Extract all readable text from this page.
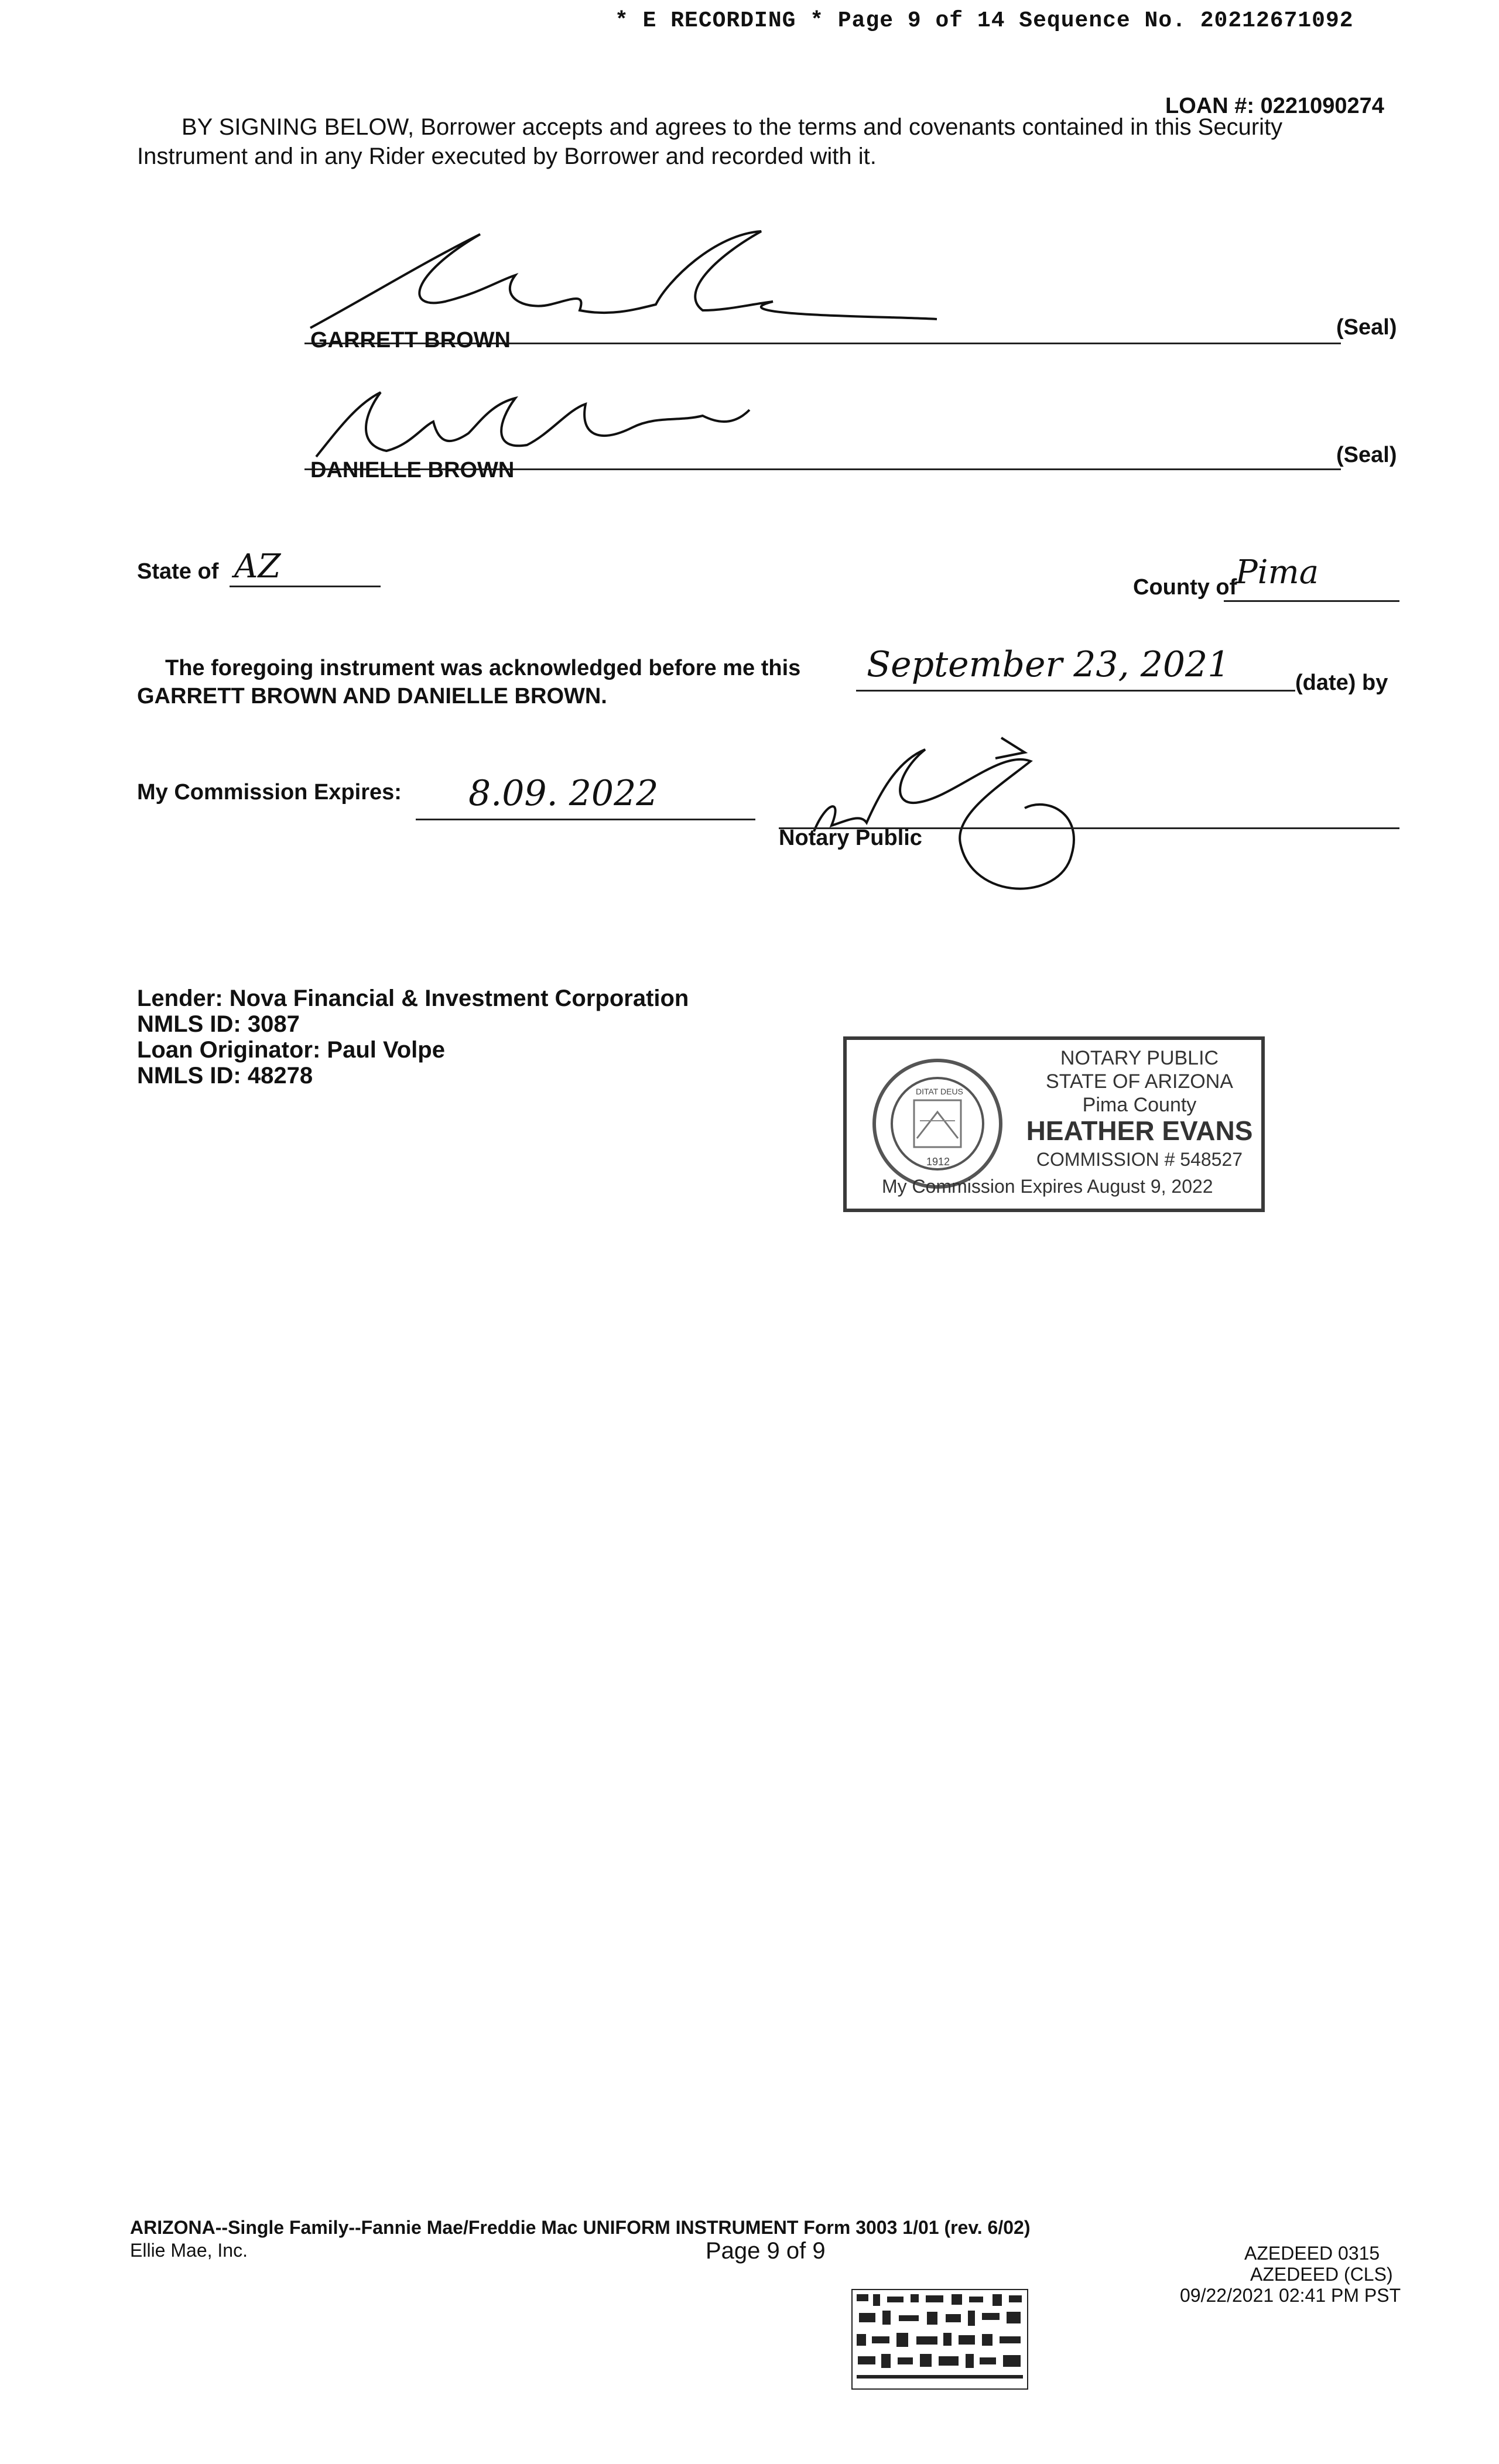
* E RECORDING * Page 9 of 14 Sequence No. 20212671092
LOAN #: 0221090274
BY SIGNING BELOW, Borrower accepts and agrees to the terms and covenants contained in this Security
Instrument and in any Rider executed by Borrower and recorded with it.
GARRETT BROWN
(Seal)
DANIELLE BROWN
(Seal)
State of AZ
County of
Pima
The foregoing instrument was acknowledged before me this September 23, 2021	(date) by
GARRETT BROWN AND DANIELLE BROWN.
My Commission Expires: 8.09. 2022
Notary Public
Lender: Nova Financial & Investment Corporation
NMLS ID: 3087
Loan Originator: Paul Volpe
NMLS ID: 48278
DITAT DEUS
1912
NOTARY PUBLIC
STATE OF ARIZONA
Pima County
HEATHER EVANS
COMMISSION # 548527
My Commission Expires August 9, 2022
ARIZONA--Single Family--Fannie Mae/Freddie Mac UNIFORM INSTRUMENT Form 3003 1/01 (rev. 6/02)
Ellie Mae, Inc.	Page 9 of 9	AZEDEED 0315
AZEDEED (CLS)
09/22/2021 02:41 PM PST
